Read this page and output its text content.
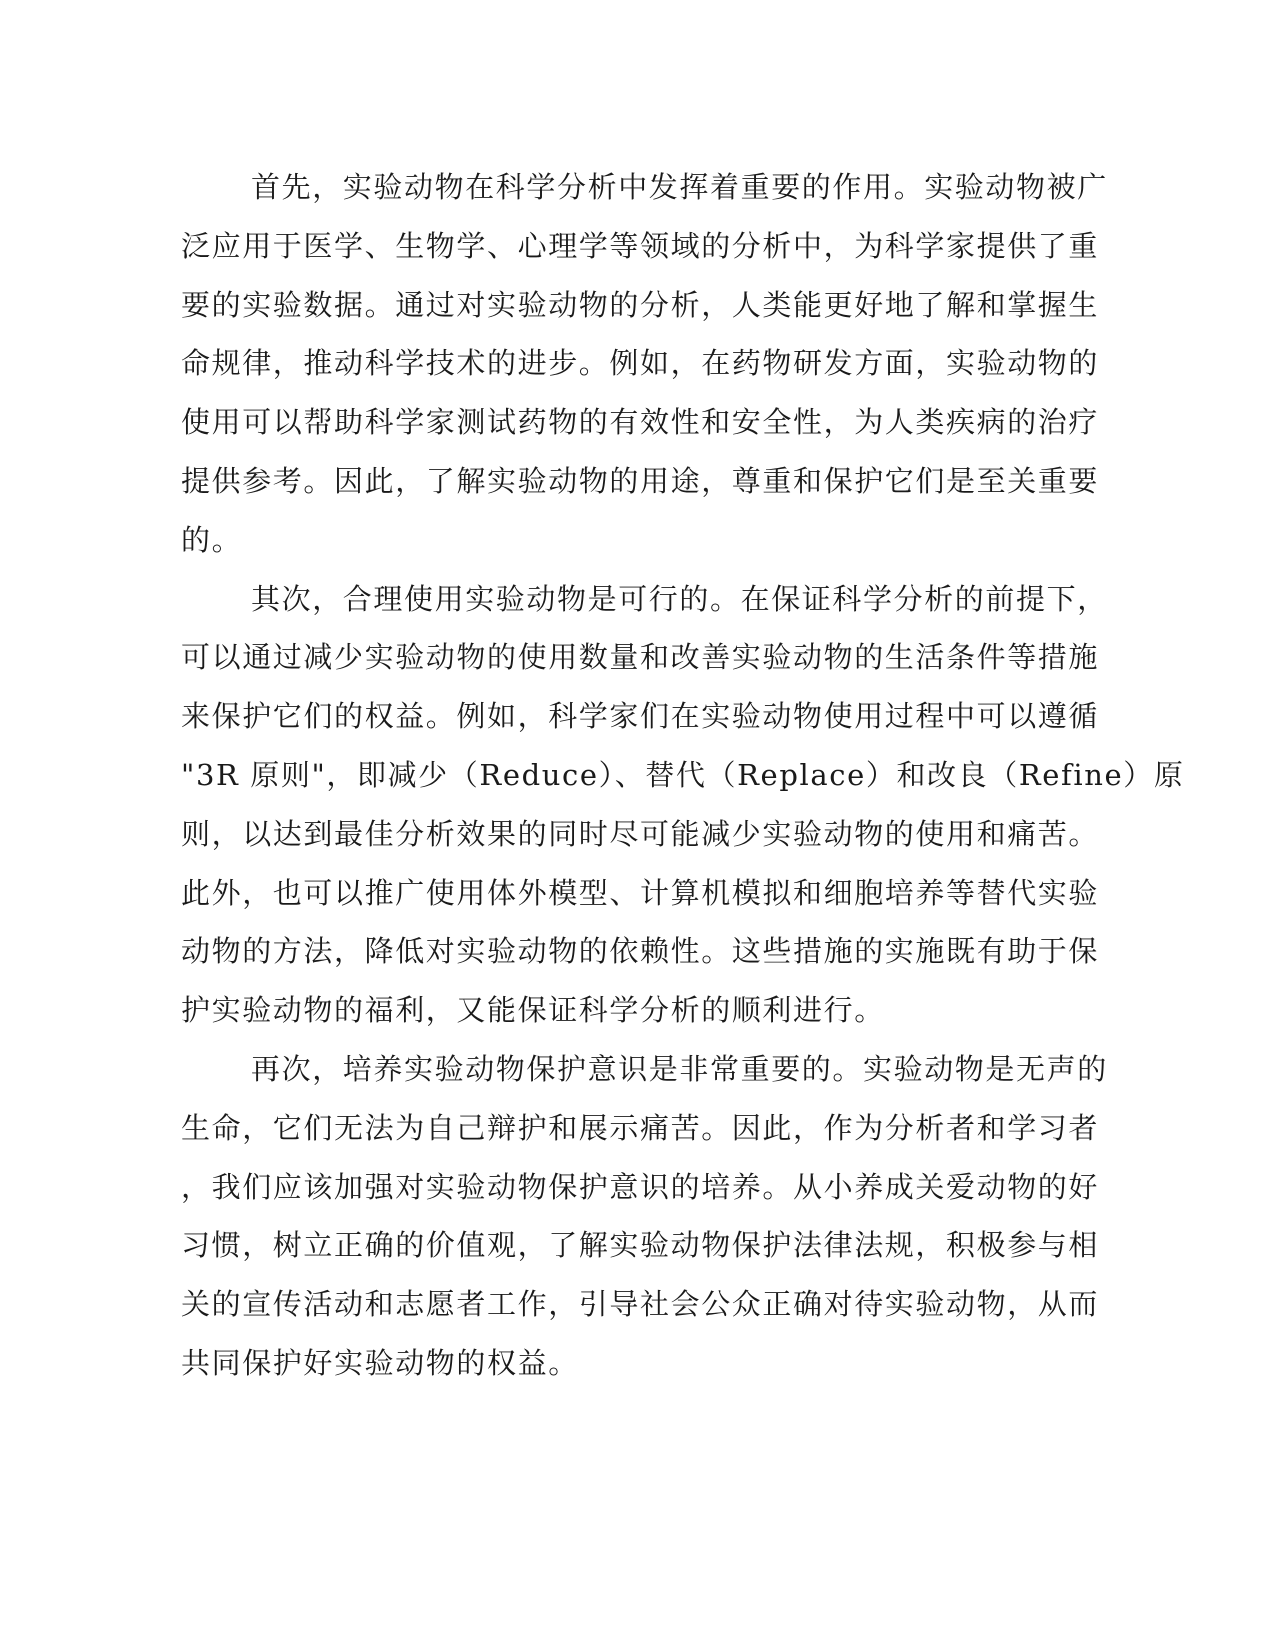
首先，实验动物在科学分析中发挥着重要的作用。实验动物被广
泛应用于医学、生物学、心理学等领域的分析中，为科学家提供了重
要的实验数据。通过对实验动物的分析，人类能更好地了解和掌握生
命规律，推动科学技术的进步。例如，在药物研发方面，实验动物的
使用可以帮助科学家测试药物的有效性和安全性，为人类疾病的治疗
提供参考。因此，了解实验动物的用途，尊重和保护它们是至关重要
的。
其次，合理使用实验动物是可行的。在保证科学分析的前提下，
可以通过减少实验动物的使用数量和改善实验动物的生活条件等措施
来保护它们的权益。例如，科学家们在实验动物使用过程中可以遵循
"3R 原则"，即减少（Reduce）、替代（Replace）和改良（Refine）原
则，以达到最佳分析效果的同时尽可能减少实验动物的使用和痛苦。
此外，也可以推广使用体外模型、计算机模拟和细胞培养等替代实验
动物的方法，降低对实验动物的依赖性。这些措施的实施既有助于保
护实验动物的福利，又能保证科学分析的顺利进行。
再次，培养实验动物保护意识是非常重要的。实验动物是无声的
生命，它们无法为自己辩护和展示痛苦。因此，作为分析者和学习者
，我们应该加强对实验动物保护意识的培养。从小养成关爱动物的好
习惯，树立正确的价值观，了解实验动物保护法律法规，积极参与相
关的宣传活动和志愿者工作，引导社会公众正确对待实验动物，从而
共同保护好实验动物的权益。
